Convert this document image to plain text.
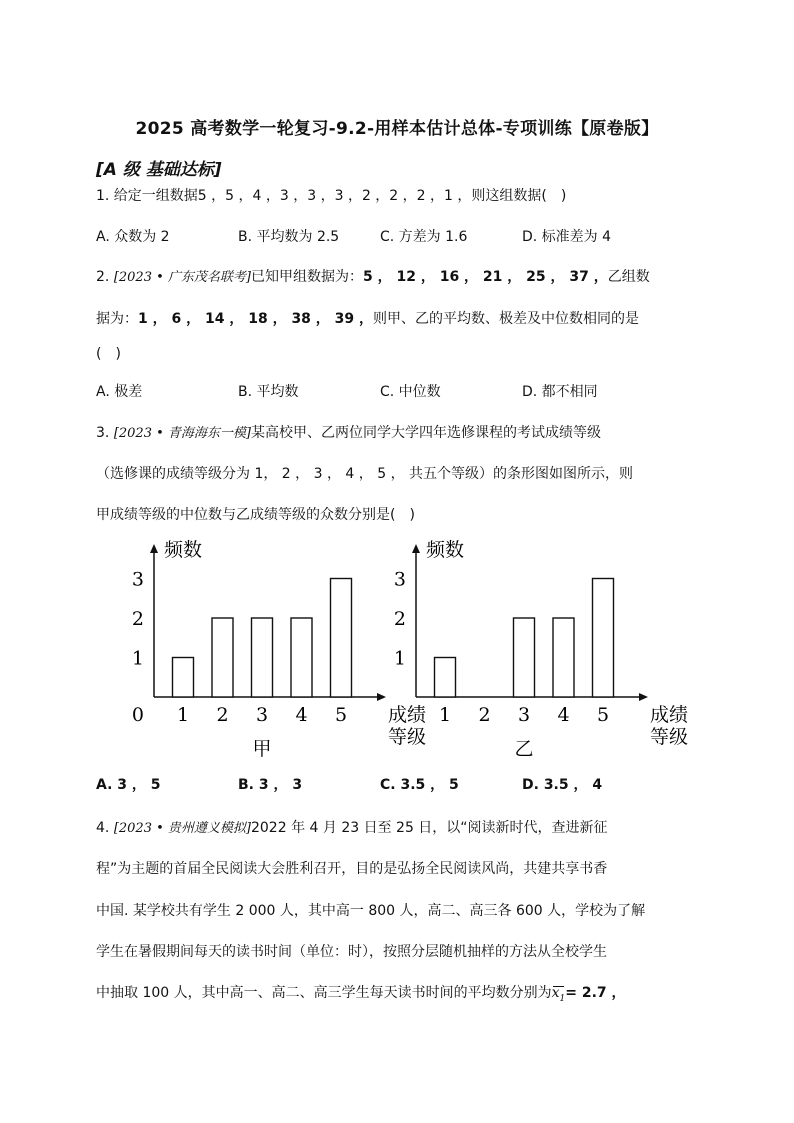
2025 高考数学一轮复习-9.2-用样本估计总体-专项训练【原卷版】
[A 级 基础达标]
1. 给定一组数据5 ，5 ，4 ，3 ，3 ，3 ，2 ，2 ，2 ，1 ，则这组数据(　)
A. 众数为 2	B. 平均数为 2.5	C. 方差为 1.6	D. 标准差为 4
2. [2023 • 广东茂名联考]已知甲组数据为：5 ， 12 ， 16 ， 21 ， 25 ， 37 ，乙组数
据为：1 ， 6 ， 14 ， 18 ， 38 ， 39 ，则甲、乙的平均数、极差及中位数相同的是
(　)
A. 极差	B. 平均数	C. 中位数	D. 都不相同
3. [2023 • 青海海东一模]某高校甲、乙两位同学大学四年选修课程的考试成绩等级
（选修课的成绩等级分为 1， 2 ， 3 ， 4 ， 5 ， 共五个等级）的条形图如图所示，则
甲成绩等级的中位数与乙成绩等级的众数分别是(　)
频数
1
2
3
0 1 2 3 4 5 成绩
等级
甲
频数
1
2
3
1 2 3 4 5 成绩
等级
乙
A. 3 ， 5	B. 3 ， 3	C. 3.5 ， 5	D. 3.5 ， 4
4. [2023 • 贵州遵义模拟]2022 年 4 月 23 日至 25 日，以“阅读新时代，查进新征
程”为主题的首届全民阅读大会胜利召开，目的是弘扬全民阅读风尚，共建共享书香
中国. 某学校共有学生 2 000 人，其中高一 800 人，高二、高三各 600 人，学校为了解
学生在暑假期间每天的读书时间（单位：时），按照分层随机抽样的方法从全校学生
中抽取 100 人，其中高一、高二、高三学生每天读书时间的平均数分别为$x_1= 2.7$ ，
